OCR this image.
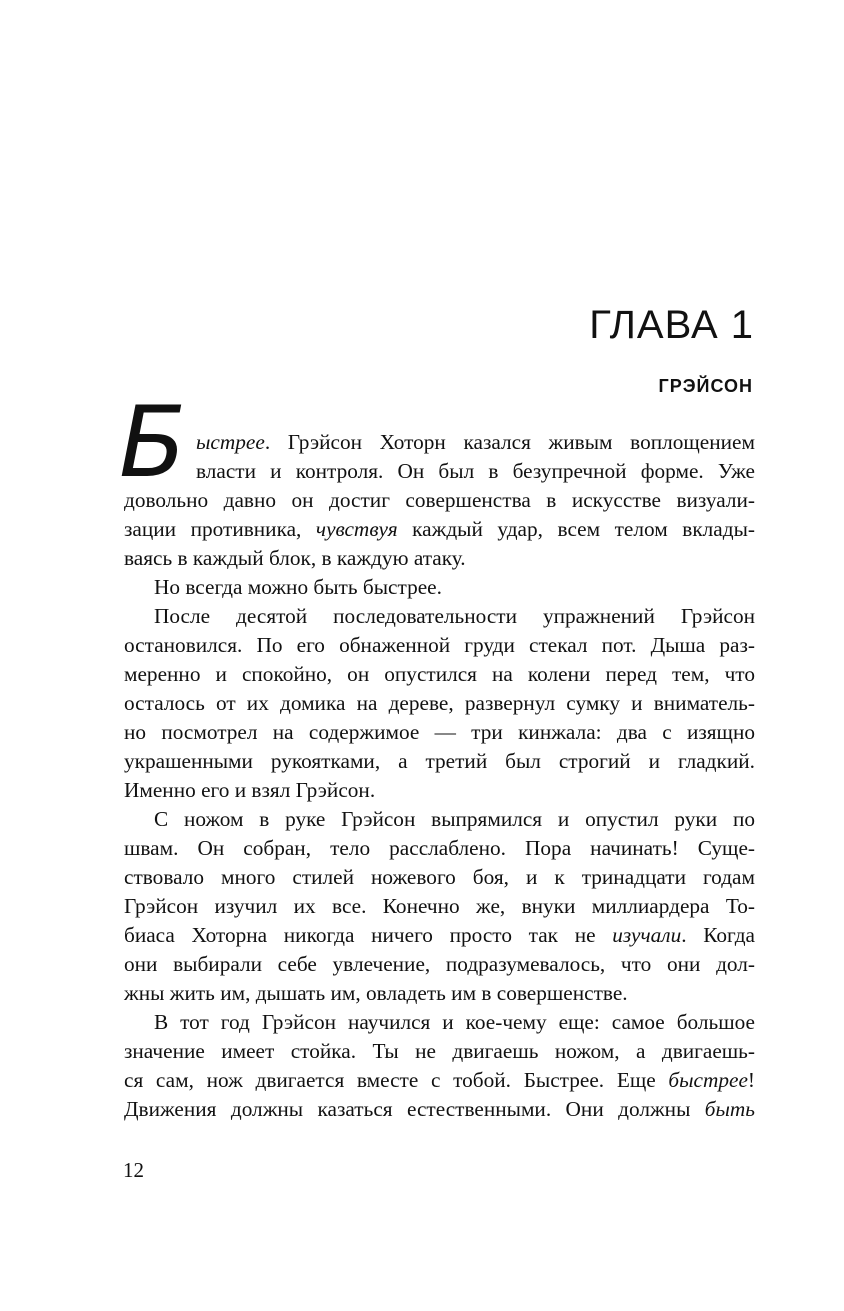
ГЛАВА 1
ГРЭЙСОН
Б ыстрее. Грэйсон Хоторн казался живым воплощением

власти и контроля. Он был в безупречной форме. Уже

довольно давно он достиг совершенства в искусстве визуали-

зации противника, чувствуя каждый удар, всем телом вклады-

ваясь в каждый блок, в каждую атаку.

Но всегда можно быть быстрее.

После десятой последовательности упражнений Грэйсон

остановился. По его обнаженной груди стекал пот. Дыша раз-

меренно и спокойно, он опустился на колени перед тем, что

осталось от их домика на дереве, развернул сумку и вниматель-

но посмотрел на содержимое — три кинжала: два с изящно

украшенными рукоятками, а третий был строгий и гладкий.

Именно его и взял Грэйсон.

С ножом в руке Грэйсон выпрямился и опустил руки по

швам. Он собран, тело расслаблено. Пора начинать! Суще-

ствовало много стилей ножевого боя, и к тринадцати годам

Грэйсон изучил их все. Конечно же, внуки миллиардера То-

биаса Хоторна никогда ничего просто так не изучали. Когда

они выбирали себе увлечение, подразумевалось, что они дол-

жны жить им, дышать им, овладеть им в совершенстве.

В тот год Грэйсон научился и кое-чему еще: самое большое

значение имеет стойка. Ты не двигаешь ножом, а двигаешь-

ся сам, нож двигается вместе с тобой. Быстрее. Еще быстрее!

Движения должны казаться естественными. Они должны быть

12
